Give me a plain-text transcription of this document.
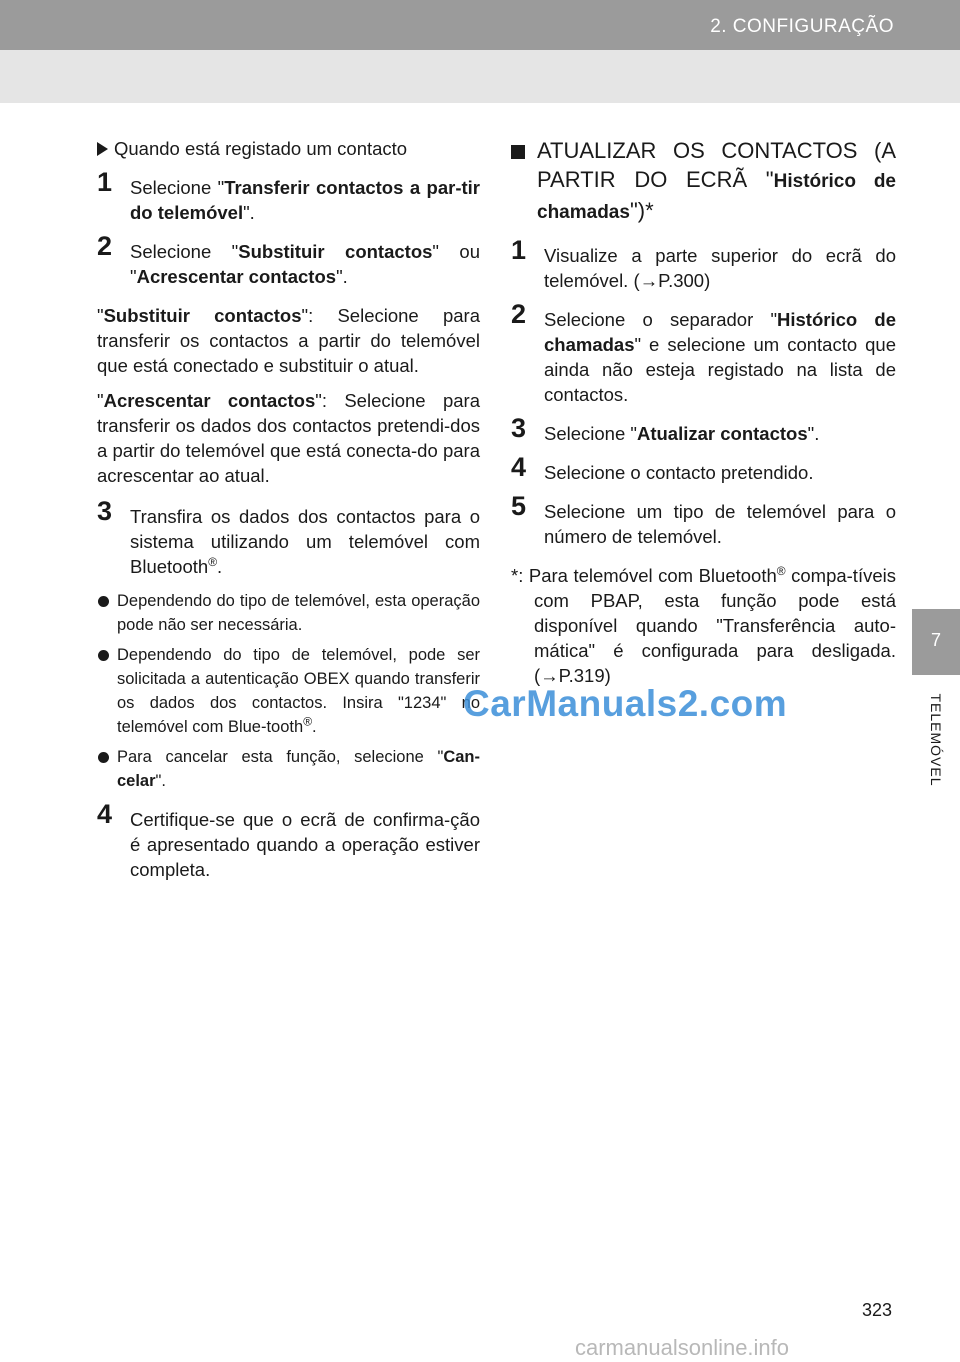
2. CONFIGURAÇÃO
7
TELEMÓVEL

Quando está registado um contacto

1 Selecione "Transferir contactos a par-tir do telemóvel".

2 Selecione "Substituir contactos" ou "Acrescentar contactos".

"Substituir contactos": Selecione para transferir os contactos a partir do telemóvel que está conectado e substituir o atual.

"Acrescentar contactos": Selecione para transferir os dados dos contactos pretendi-dos a partir do telemóvel que está conecta-do para acrescentar ao atual.

3 Transfira os dados dos contactos para o sistema utilizando um telemóvel com Bluetooth®.

Dependendo do tipo de telemóvel, esta operação pode não ser necessária.

Dependendo do tipo de telemóvel, pode ser solicitada a autenticação OBEX quando transferir os dados dos contactos. Insira "1234" no telemóvel com Blue-tooth®.

Para cancelar esta função, selecione "Can-celar".

4 Certifique-se que o ecrã de confirma-ção é apresentado quando a operação estiver completa.

ATUALIZAR OS CONTACTOS (A PARTIR DO ECRÃ "Histórico de chamadas")*

1 Visualize a parte superior do ecrã do telemóvel. (→P.300)

2 Selecione o separador "Histórico de chamadas" e selecione um contacto que ainda não esteja registado na lista de contactos.

3 Selecione "Atualizar contactos".

4 Selecione o contacto pretendido.

5 Selecione um tipo de telemóvel para o número de telemóvel.

*: Para telemóvel com Bluetooth® compa-tíveis com PBAP, esta função pode está disponível quando "Transferência auto-mática" é configurada para desligada. (→P.319)

CarManuals2.com
323
carmanualsonline.info
